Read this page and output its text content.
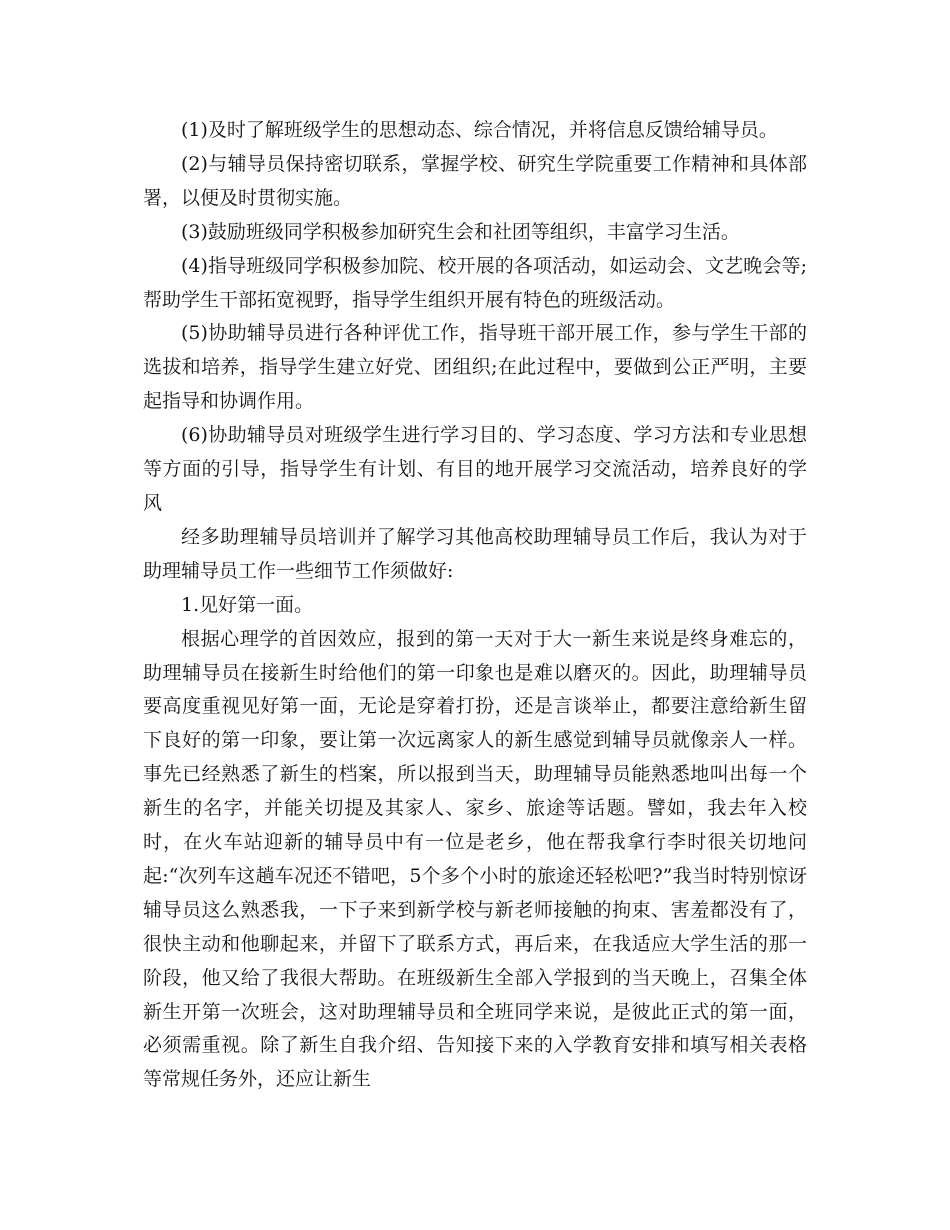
(1)及时了解班级学生的思想动态、综合情况，并将信息反馈给辅导员。

(2)与辅导员保持密切联系，掌握学校、研究生学院重要工作精神和具体部署，以便及时贯彻实施。

(3)鼓励班级同学积极参加研究生会和社团等组织，丰富学习生活。

(4)指导班级同学积极参加院、校开展的各项活动，如运动会、文艺晚会等;帮助学生干部拓宽视野，指导学生组织开展有特色的班级活动。

(5)协助辅导员进行各种评优工作，指导班干部开展工作，参与学生干部的选拔和培养，指导学生建立好党、团组织;在此过程中，要做到公正严明，主要起指导和协调作用。

(6)协助辅导员对班级学生进行学习目的、学习态度、学习方法和专业思想等方面的引导，指导学生有计划、有目的地开展学习交流活动，培养良好的学风

经多助理辅导员培训并了解学习其他高校助理辅导员工作后，我认为对于助理辅导员工作一些细节工作须做好:

1.见好第一面。

根据心理学的首因效应，报到的第一天对于大一新生来说是终身难忘的，助理辅导员在接新生时给他们的第一印象也是难以磨灭的。因此，助理辅导员要高度重视见好第一面，无论是穿着打扮，还是言谈举止，都要注意给新生留下良好的第一印象，要让第一次远离家人的新生感觉到辅导员就像亲人一样。事先已经熟悉了新生的档案，所以报到当天，助理辅导员能熟悉地叫出每一个新生的名字，并能关切提及其家人、家乡、旅途等话题。譬如，我去年入校时，在火车站迎新的辅导员中有一位是老乡，他在帮我拿行李时很关切地问起:“次列车这趟车况还不错吧，5个多个小时的旅途还轻松吧?”我当时特别惊讶辅导员这么熟悉我，一下子来到新学校与新老师接触的拘束、害羞都没有了，很快主动和他聊起来，并留下了联系方式，再后来，在我适应大学生活的那一阶段，他又给了我很大帮助。在班级新生全部入学报到的当天晚上，召集全体新生开第一次班会，这对助理辅导员和全班同学来说，是彼此正式的第一面，必须需重视。除了新生自我介绍、告知接下来的入学教育安排和填写相关表格等常规任务外，还应让新生
